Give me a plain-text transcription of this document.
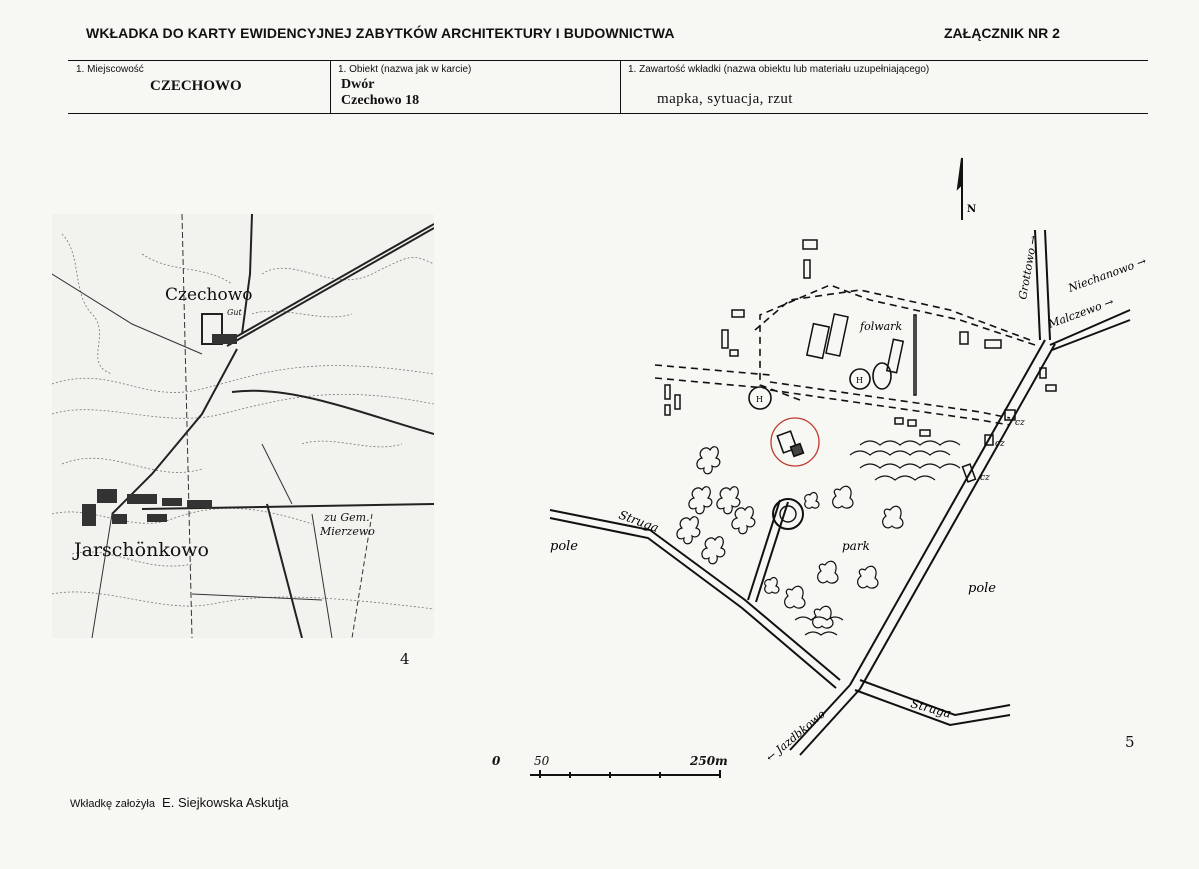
WKŁADKA DO KARTY EWIDENCYJNEJ ZABYTKÓW ARCHITEKTURY I BUDOWNICTWA	ZAŁĄCZNIK NR 2
1. Miejscowość
CZECHOWO
1. Obiekt (nazwa jak w karcie)
Dwór
Czechowo 18
1. Zawartość wkładki (nazwa obiektu lub materiału uzupełniającego)
mapka, sytuacja, rzut
Czechowo
Gut
Jarschönkowo
zu Gem.
Mierzewo
4
N
cz
cz
cz
H
H
Grottowo → Niechanowo →
Malczewo →
folwark
Struga
Struga
pole
pole
park
← Jazdbkowo
0	50	250m
5
Wkładkę założyła E. Siejkowska Askutja
